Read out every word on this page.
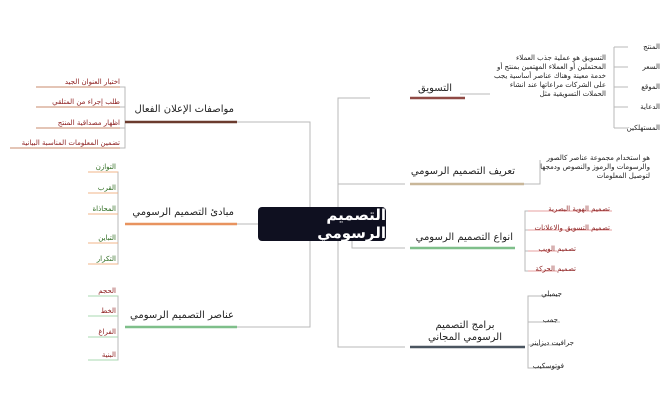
التصميم الرسومي
التسويق
التسويق هو عملية جذب العملاء المحتملين أو العملاء المهتمين بمنتج أو خدمة معينة وهناك عناصر أساسية يجب على الشركات مراعاتها عند انشاء الحملات التسويقية مثل
المنتج
السعر
الموقع
الدعاية
المستهلكين
تعريف التصميم الرسومي
هو استخدام مجموعة عناصر كالصور والرسومات والرموز والنصوص ودمجها لتوصيل المعلومات
انواع التصميم الرسومي
تصميم الهوية البصرية
تصميم التسويق والاعلانات
تصميم الويب
تصميم الحركة
برامج التصميم الرسومي المجاني
جيمبلي
جمب
جرافيت ديزاينر
فوتوسكيب
مواصفات الإعلان الفعال
اختيار العنوان الجيد
طلب إجراء من المتلقي
اظهار مصداقية المنتج
تضمين المعلومات المناسبة البيانية
مبادئ التصميم الرسومي
التوازن
القرب
المحاذاة
التباين
التكرار
عناصر التصميم الرسومي
الحجم
الخط
الفراغ
البنية
